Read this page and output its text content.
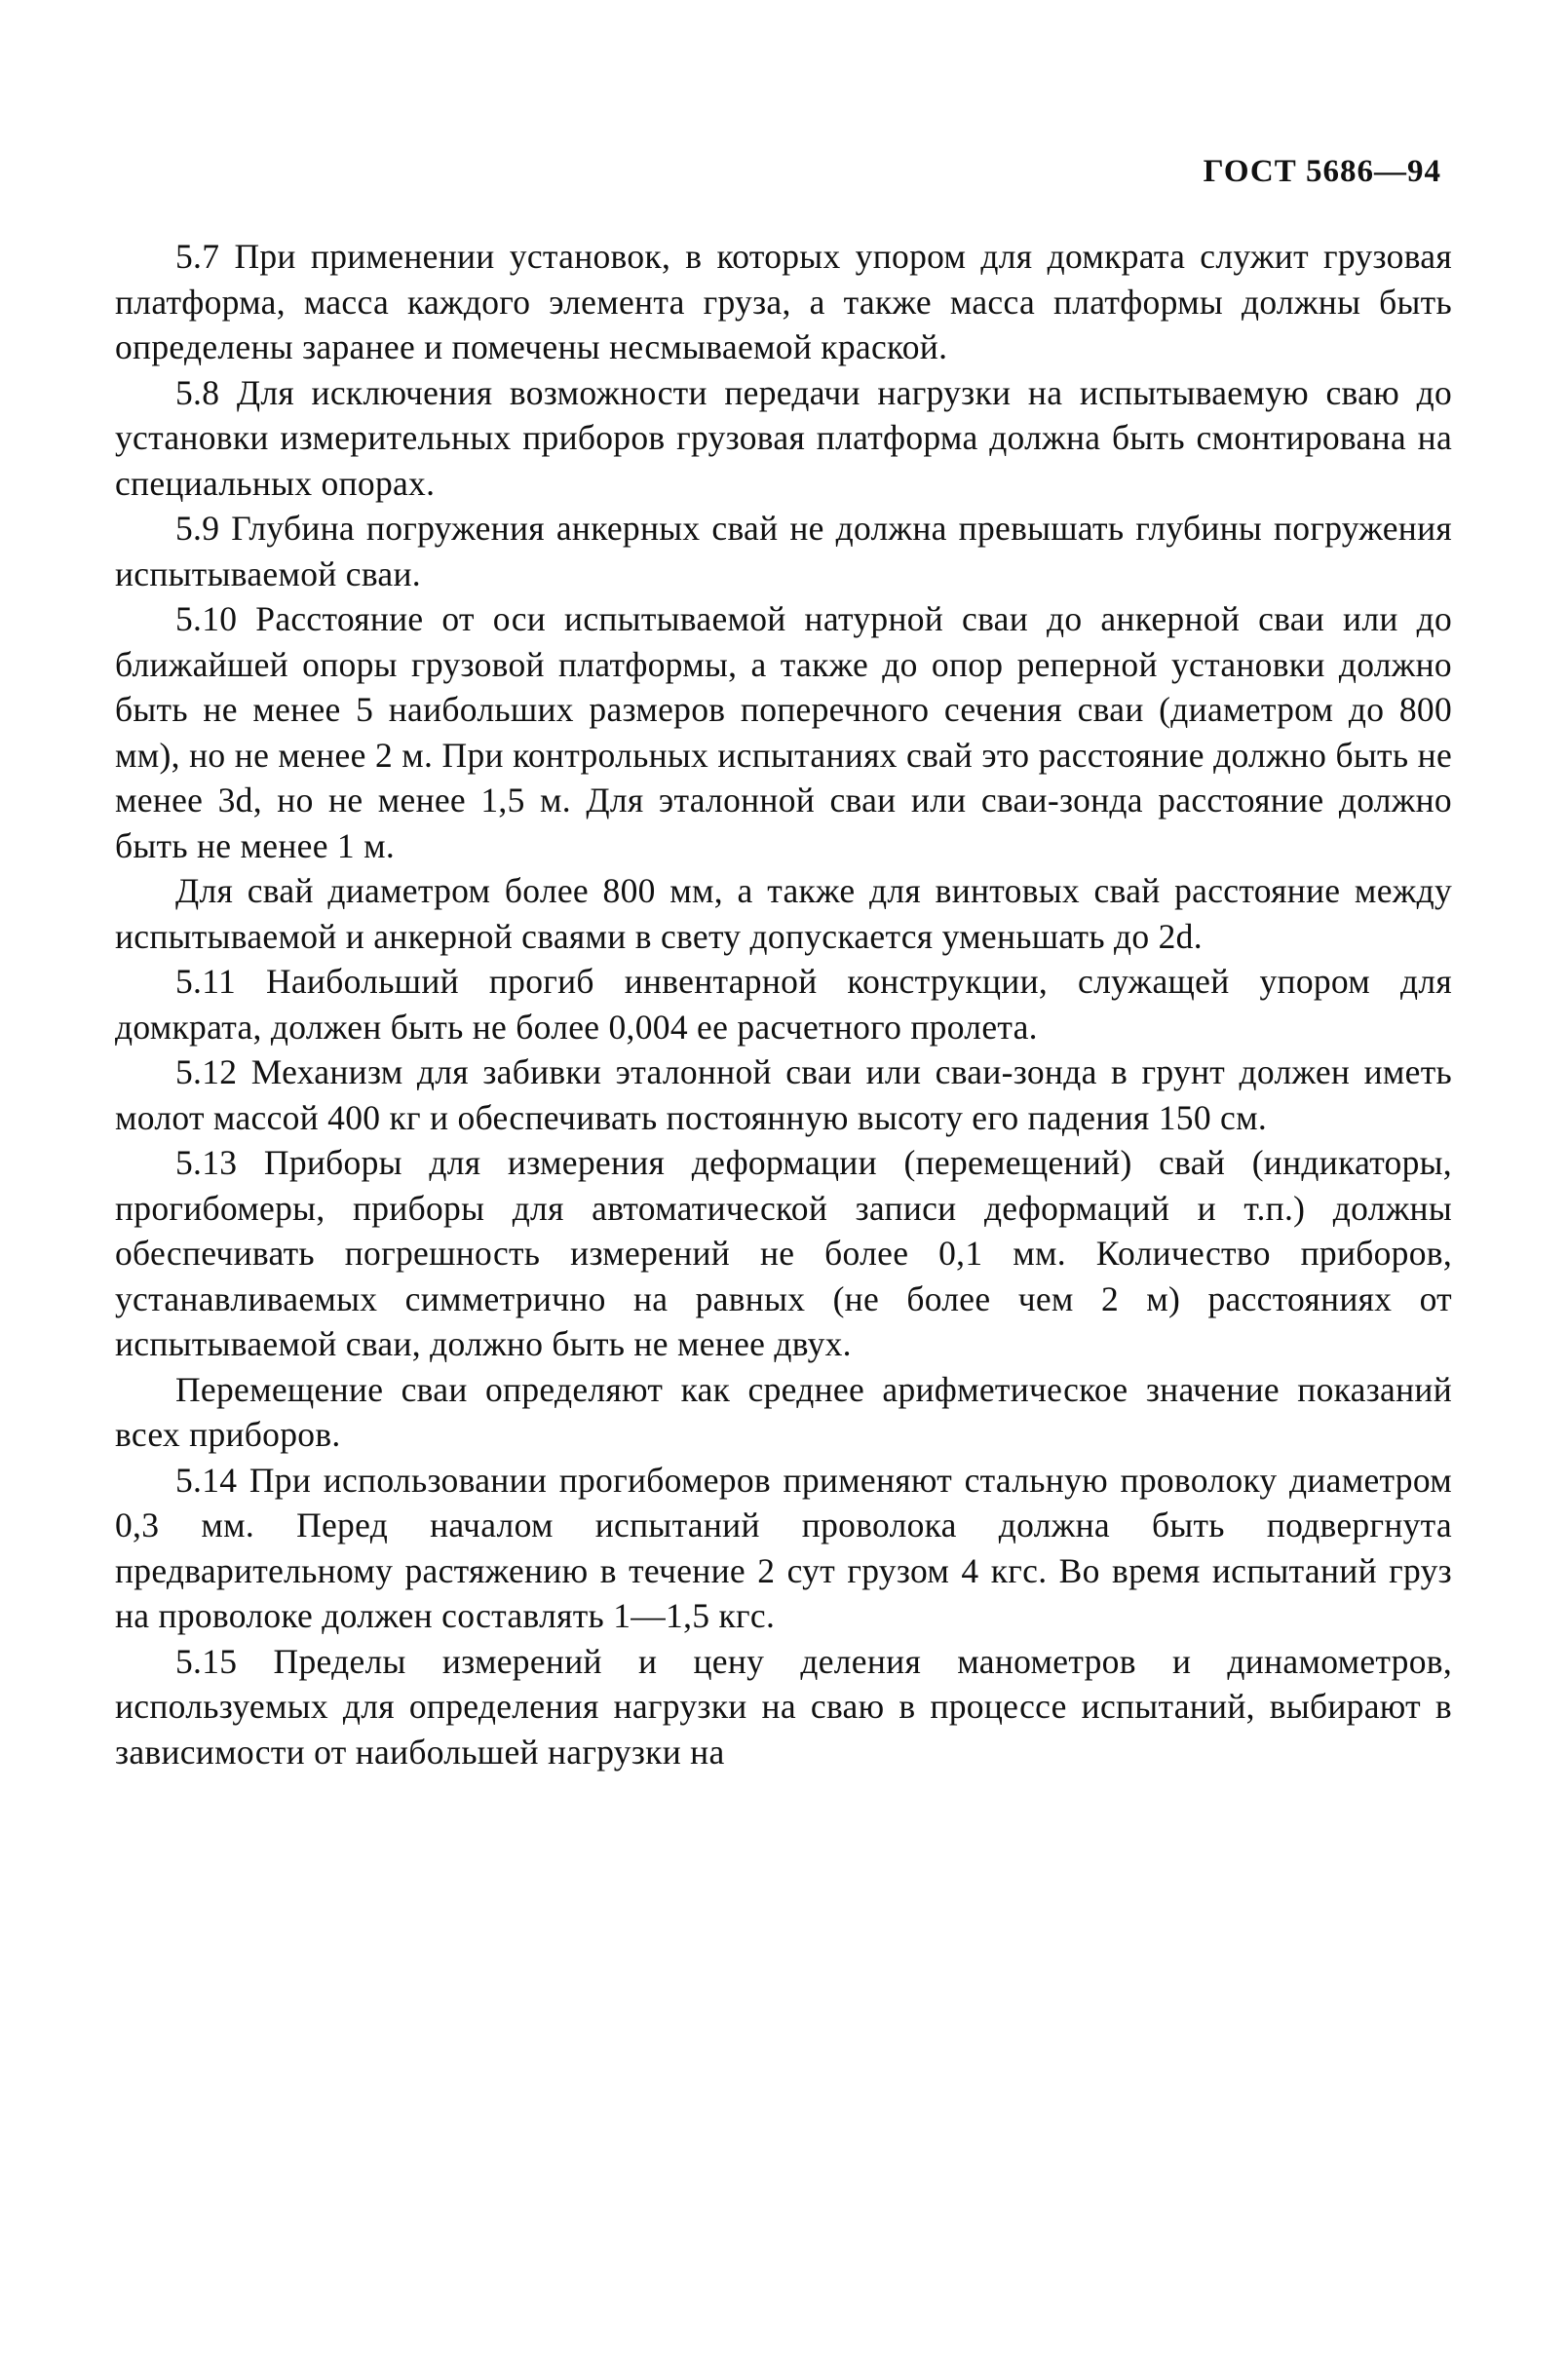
ГОСТ 5686—94

5.7 При применении установок, в которых упором для домкрата служит грузовая платформа, масса каждого элемента груза, а также масса платформы должны быть определены заранее и помечены несмываемой краской.

5.8 Для исключения возможности передачи нагрузки на испытываемую сваю до установки измерительных приборов грузовая платформа должна быть смонтирована на специальных опорах.

5.9 Глубина погружения анкерных свай не должна превышать глубины погружения испытываемой сваи.

5.10 Расстояние от оси испытываемой натурной сваи до анкерной сваи или до ближайшей опоры грузовой платформы, а также до опор реперной установки должно быть не менее 5 наибольших размеров поперечного сечения сваи (диаметром до 800 мм), но не менее 2 м. При контрольных испытаниях свай это расстояние должно быть не менее 3d, но не менее 1,5 м. Для эталонной сваи или сваи-зонда расстояние должно быть не менее 1 м.

Для свай диаметром более 800 мм, а также для винтовых свай расстояние между испытываемой и анкерной сваями в свету допускается уменьшать до 2d.

5.11 Наибольший прогиб инвентарной конструкции, служащей упором для домкрата, должен быть не более 0,004 ее расчетного пролета.

5.12 Механизм для забивки эталонной сваи или сваи-зонда в грунт должен иметь молот массой 400 кг и обеспечивать постоянную высоту его падения 150 см.

5.13 Приборы для измерения деформации (перемещений) свай (индикаторы, прогибомеры, приборы для автоматической записи деформаций и т.п.) должны обеспечивать погрешность измерений не более 0,1 мм. Количество приборов, устанавливаемых симметрично на равных (не более чем 2 м) расстояниях от испытываемой сваи, должно быть не менее двух.

Перемещение сваи определяют как среднее арифметическое значение показаний всех приборов.

5.14 При использовании прогибомеров применяют стальную проволоку диаметром 0,3 мм. Перед началом испытаний проволока должна быть подвергнута предварительному растяжению в течение 2 сут грузом 4 кгс. Во время испытаний груз на проволоке должен составлять 1—1,5 кгс.

5.15 Пределы измерений и цену деления манометров и динамометров, используемых для определения нагрузки на сваю в процессе испытаний, выбирают в зависимости от наибольшей нагрузки на
